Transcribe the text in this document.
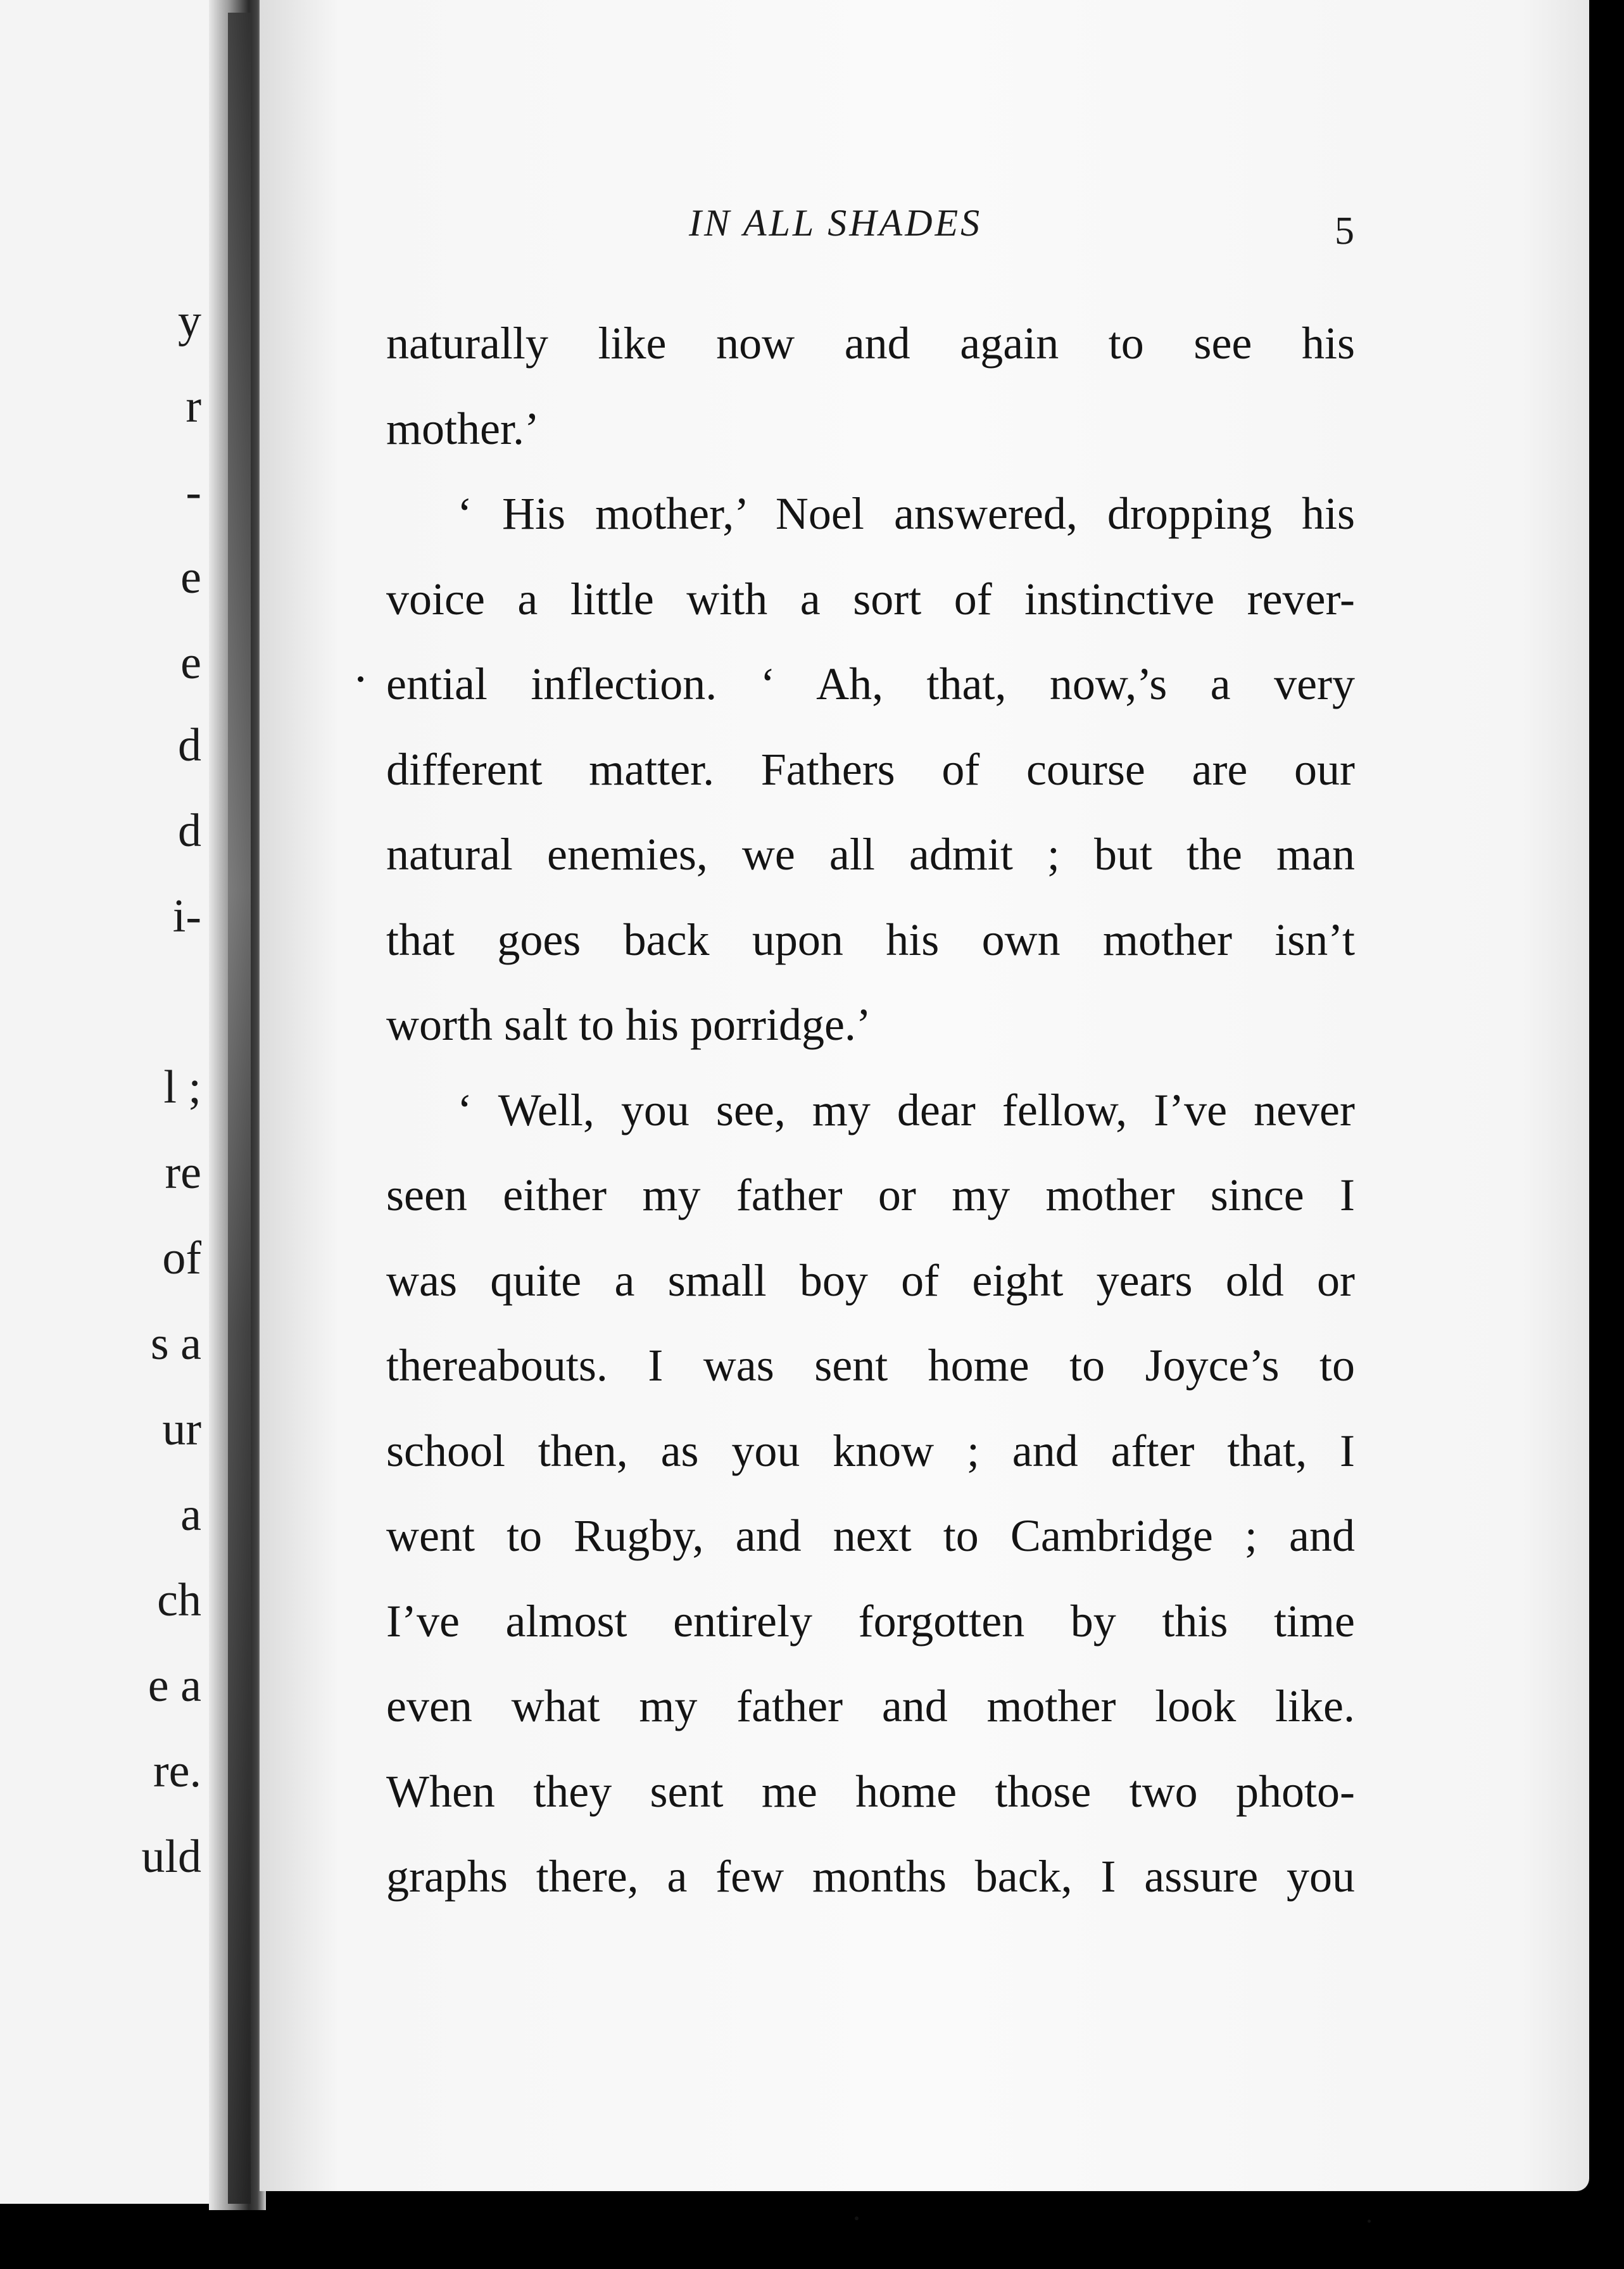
y
r
-
e
e
d
d
i-
l ;
re
of
s a
ur
a
ch
e a
re.
uld
IN ALL SHADES	5
naturally like now and again to see his
mother.’
‘ His mother,’ Noel answered, dropping his
voice a little with a sort of instinctive rever-
ential inflection. ‘ Ah, that, now,’s a very
different matter. Fathers of course are our
natural enemies, we all admit ; but the man
that goes back upon his own mother isn’t
worth salt to his porridge.’
‘ Well, you see, my dear fellow, I’ve never
seen either my father or my mother since I
was quite a small boy of eight years old or
thereabouts. I was sent home to Joyce’s to
school then, as you know ; and after that, I
went to Rugby, and next to Cambridge ; and
I’ve almost entirely forgotten by this time
even what my father and mother look like.
When they sent me home those two photo-
graphs there, a few months back, I assure you
